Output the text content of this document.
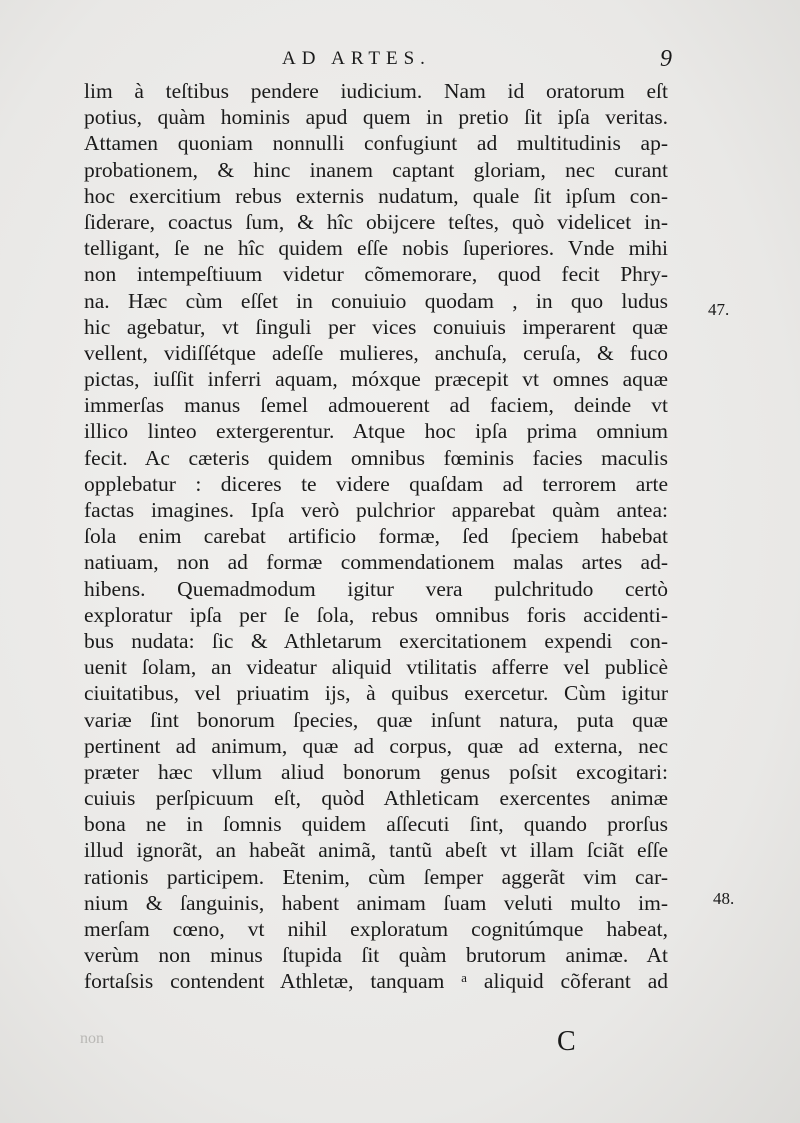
AD ARTES.	9
lim à teſtibus pendere iudicium. Nam id oratorum eſt
potius, quàm hominis apud quem in pretio ſit ipſa veritas.
Attamen quoniam nonnulli confugiunt ad multitudinis ap-
probationem, & hinc inanem captant gloriam, nec curant
hoc exercitium rebus externis nudatum, quale ſit ipſum con-
ſiderare, coactus ſum, & hîc obijcere teſtes, quò videlicet in-
telligant, ſe ne hîc quidem eſſe nobis ſuperiores. Vnde mihi
non intempeſtiuum videtur cõmemorare, quod fecit Phry-
na. Hæc cùm eſſet in conuiuio quodam , in quo ludus
hic agebatur, vt ſinguli per vices conuiuis imperarent quæ
vellent, vidiſſétque adeſſe mulieres, anchuſa, ceruſa, & fuco
pictas, iuſſit inferri aquam, móxque præcepit vt omnes aquæ
immerſas manus ſemel admouerent ad faciem, deinde vt
illico linteo extergerentur. Atque hoc ipſa prima omnium
fecit. Ac cæteris quidem omnibus fœminis facies maculis
opplebatur : diceres te videre quaſdam ad terrorem arte
factas imagines. Ipſa verò pulchrior apparebat quàm antea:
ſola enim carebat artificio formæ, ſed ſpeciem habebat
natiuam, non ad formæ commendationem malas artes ad-
hibens. Quemadmodum igitur vera pulchritudo certò
exploratur ipſa per ſe ſola, rebus omnibus foris accidenti-
bus nudata: ſic & Athletarum exercitationem expendi con-
uenit ſolam, an videatur aliquid vtilitatis afferre vel publicè
ciuitatibus, vel priuatim ijs, à quibus exercetur. Cùm igitur
variæ ſint bonorum ſpecies, quæ inſunt natura, puta quæ
pertinent ad animum, quæ ad corpus, quæ ad externa, nec
præter hæc vllum aliud bonorum genus poſsit excogitari:
cuiuis perſpicuum eſt, quòd Athleticam exercentes animæ
bona ne in ſomnis quidem aſſecuti ſint, quando prorſus
illud ignorãt, an habeãt animã, tantũ abeſt vt illam ſciãt eſſe
rationis participem. Etenim, cùm ſemper aggerãt vim car-
nium & ſanguinis, habent animam ſuam veluti multo im-
merſam cœno, vt nihil exploratum cognitúmque habeat,
verùm non minus ſtupida ſit quàm brutorum animæ. At
fortaſsis contendent Athletæ, tanquam ᵃ aliquid cõferant ad
47.
48.
non	C
